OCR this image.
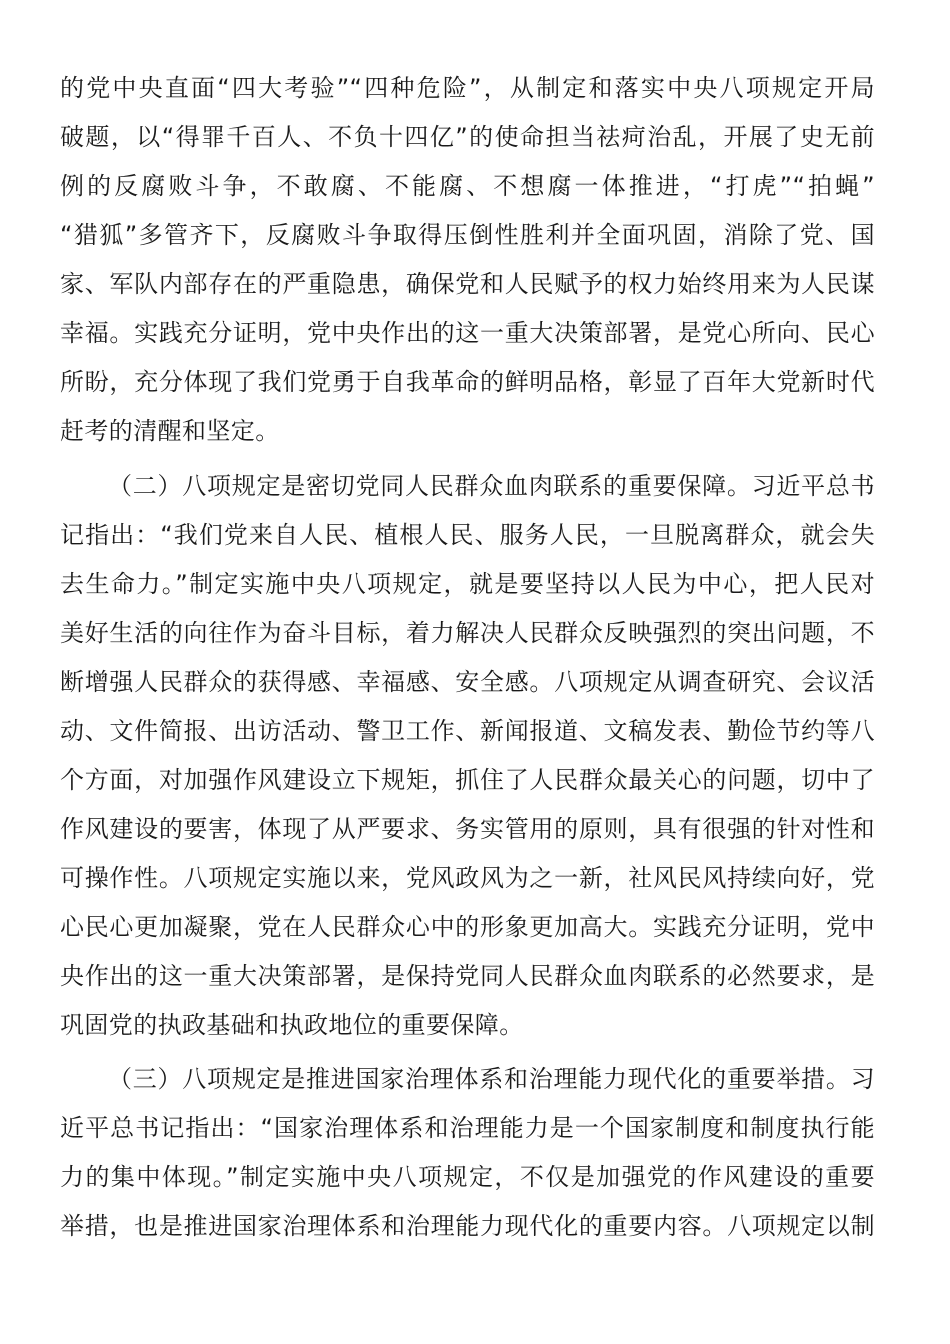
的党中央直面“四大考验”“四种危险”，从制定和落实中央八项规定开局
破题，以“得罪千百人、不负十四亿”的使命担当祛疴治乱，开展了史无前
例的反腐败斗争，不敢腐、不能腐、不想腐一体推进，“打虎”“拍蝇”
“猎狐”多管齐下，反腐败斗争取得压倒性胜利并全面巩固，消除了党、国
家、军队内部存在的严重隐患，确保党和人民赋予的权力始终用来为人民谋
幸福。实践充分证明，党中央作出的这一重大决策部署，是党心所向、民心
所盼，充分体现了我们党勇于自我革命的鲜明品格，彰显了百年大党新时代
赶考的清醒和坚定。
（二）八项规定是密切党同人民群众血肉联系的重要保障。习近平总书
记指出：“我们党来自人民、植根人民、服务人民，一旦脱离群众，就会失
去生命力。”制定实施中央八项规定，就是要坚持以人民为中心，把人民对
美好生活的向往作为奋斗目标，着力解决人民群众反映强烈的突出问题，不
断增强人民群众的获得感、幸福感、安全感。八项规定从调查研究、会议活
动、文件简报、出访活动、警卫工作、新闻报道、文稿发表、勤俭节约等八
个方面，对加强作风建设立下规矩，抓住了人民群众最关心的问题，切中了
作风建设的要害，体现了从严要求、务实管用的原则，具有很强的针对性和
可操作性。八项规定实施以来，党风政风为之一新，社风民风持续向好，党
心民心更加凝聚，党在人民群众心中的形象更加高大。实践充分证明，党中
央作出的这一重大决策部署，是保持党同人民群众血肉联系的必然要求，是
巩固党的执政基础和执政地位的重要保障。
（三）八项规定是推进国家治理体系和治理能力现代化的重要举措。习
近平总书记指出：“国家治理体系和治理能力是一个国家制度和制度执行能
力的集中体现。”制定实施中央八项规定，不仅是加强党的作风建设的重要
举措，也是推进国家治理体系和治理能力现代化的重要内容。八项规定以制
